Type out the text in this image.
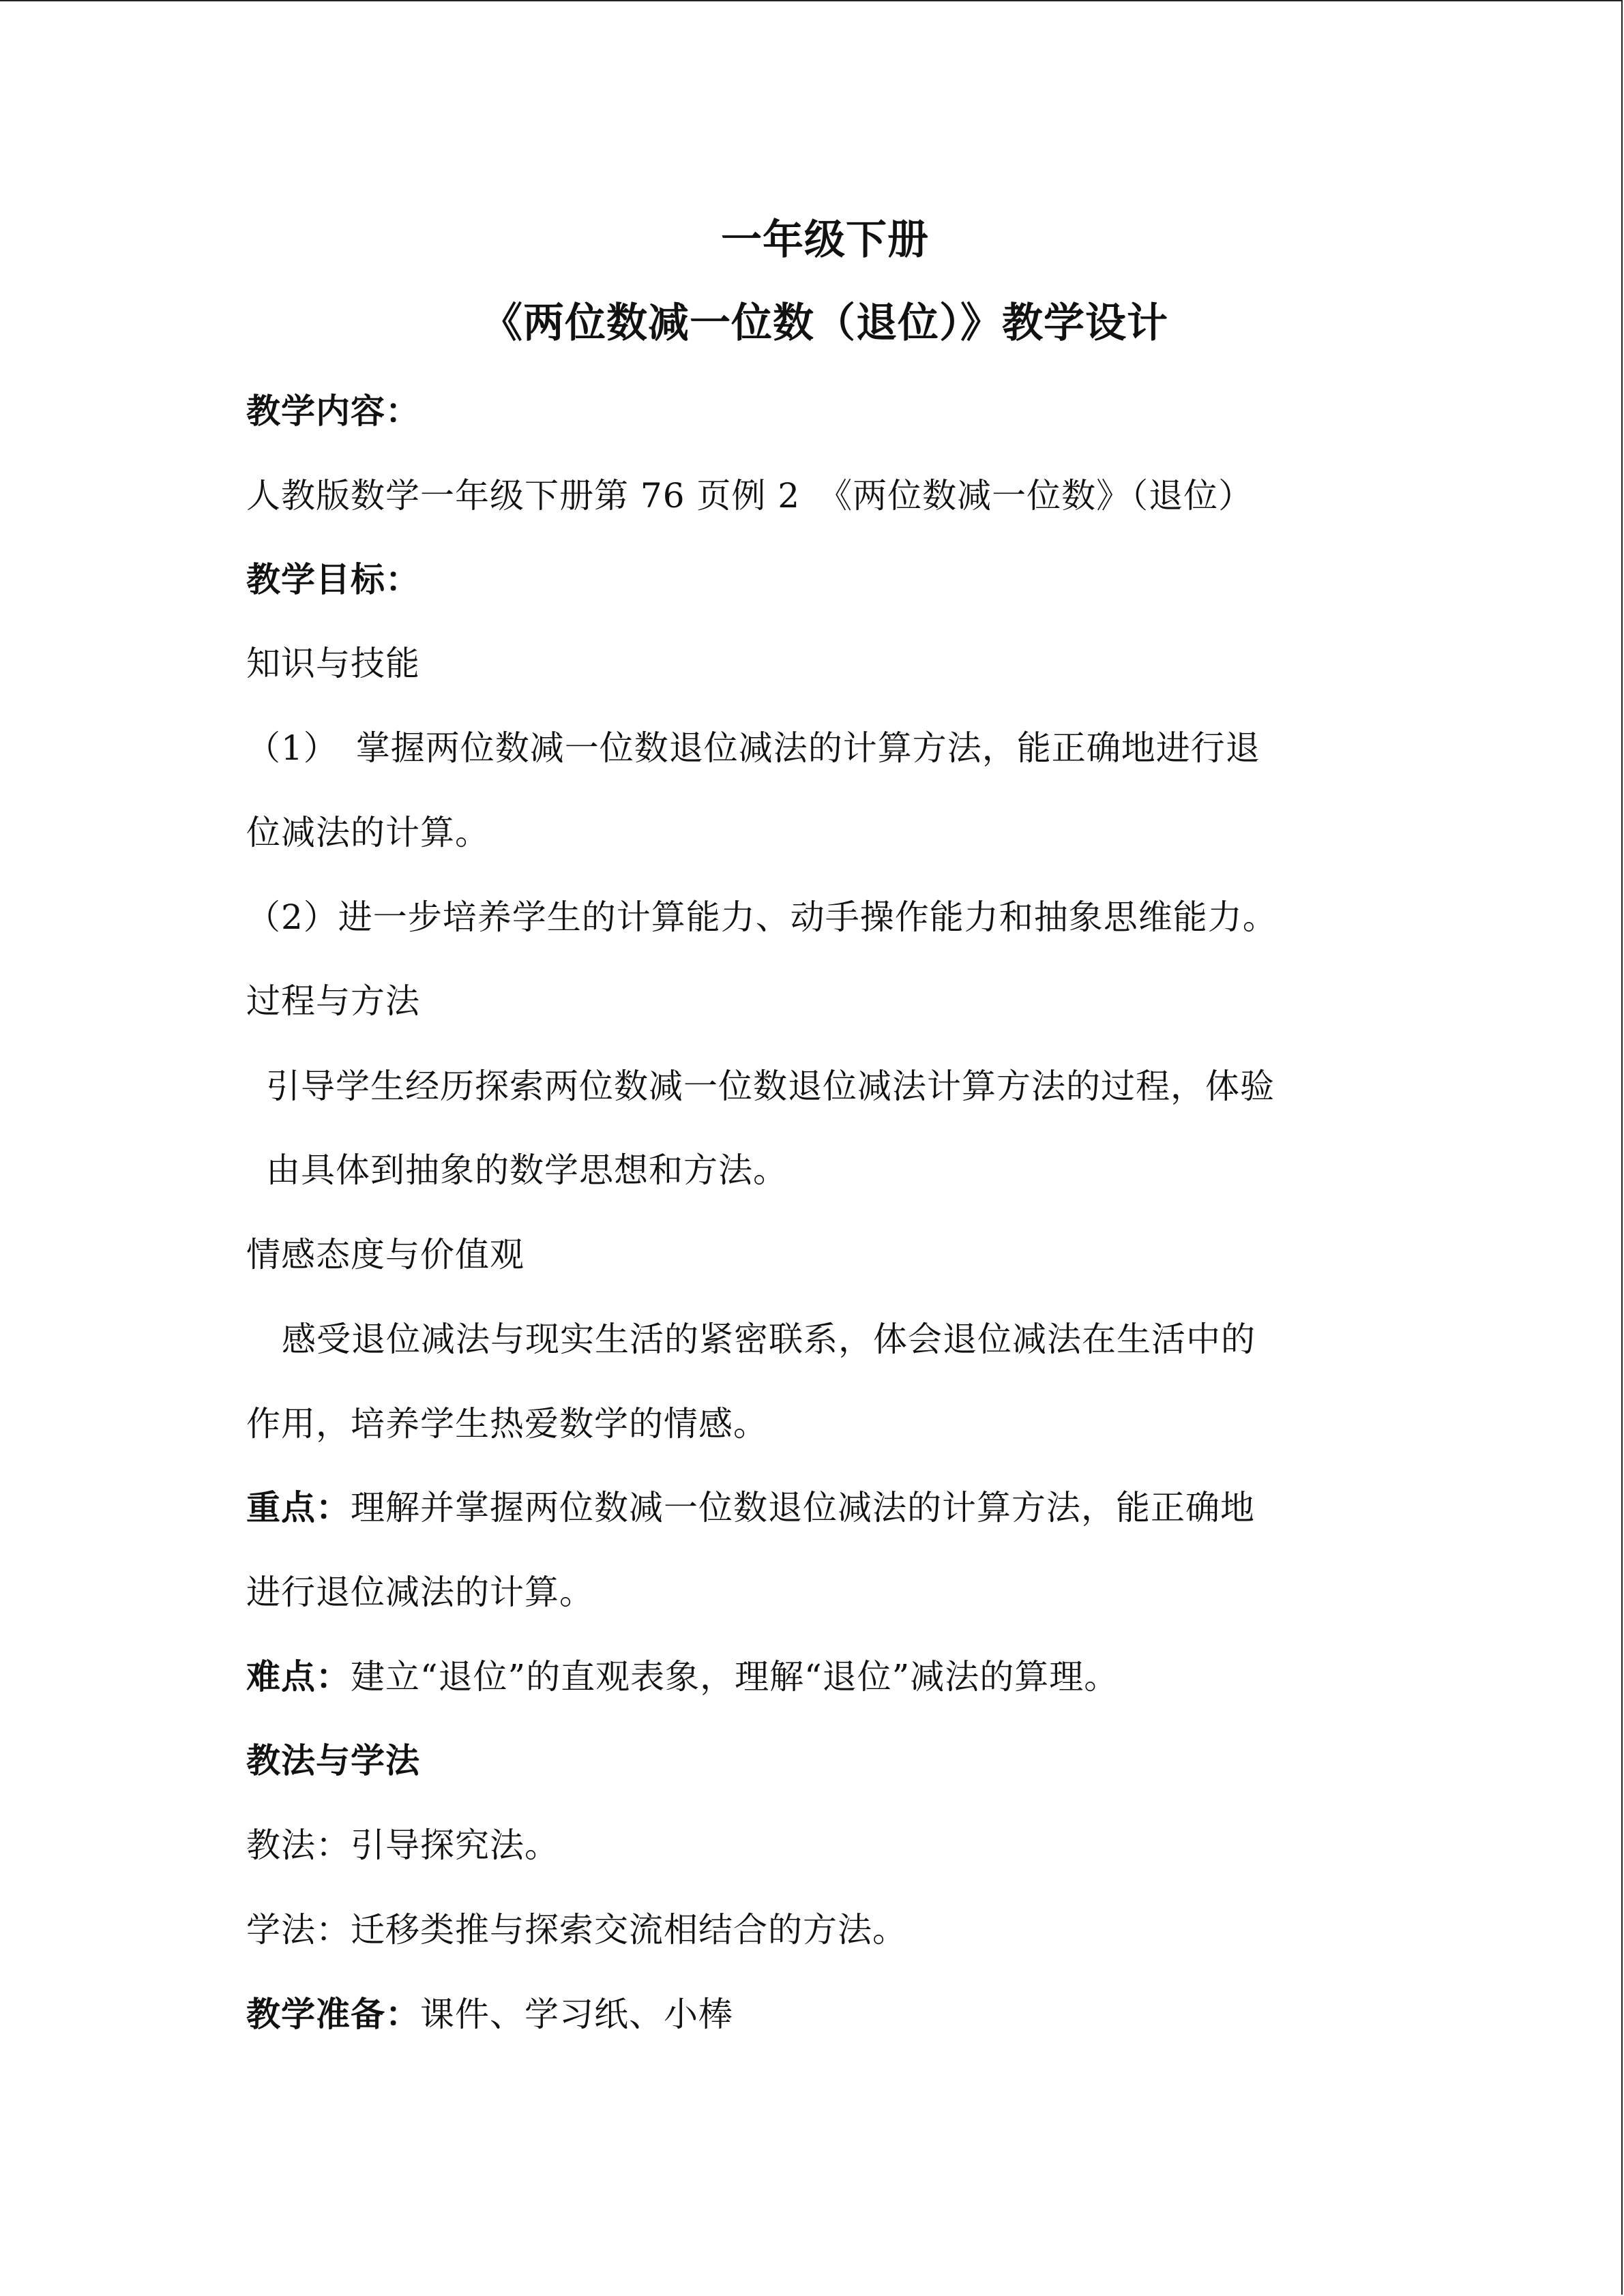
一年级下册
《两位数减一位数（退位）》教学设计
教学内容：
人教版数学一年级下册第 76 页例 2　《两位数减一位数》（退位）
教学目标：
知识与技能
（1）　掌握两位数减一位数退位减法的计算方法，能正确地进行退
位减法的计算。
（2）进一步培养学生的计算能力、动手操作能力和抽象思维能力。
过程与方法
引导学生经历探索两位数减一位数退位减法计算方法的过程，体验
由具体到抽象的数学思想和方法。
情感态度与价值观
感受退位减法与现实生活的紧密联系，体会退位减法在生活中的
作用，培养学生热爱数学的情感。
重点：理解并掌握两位数减一位数退位减法的计算方法，能正确地
进行退位减法的计算。
难点：建立“退位”的直观表象，理解“退位”减法的算理。
教法与学法
教法：引导探究法。
学法：迁移类推与探索交流相结合的方法。
教学准备：课件、学习纸、小棒
